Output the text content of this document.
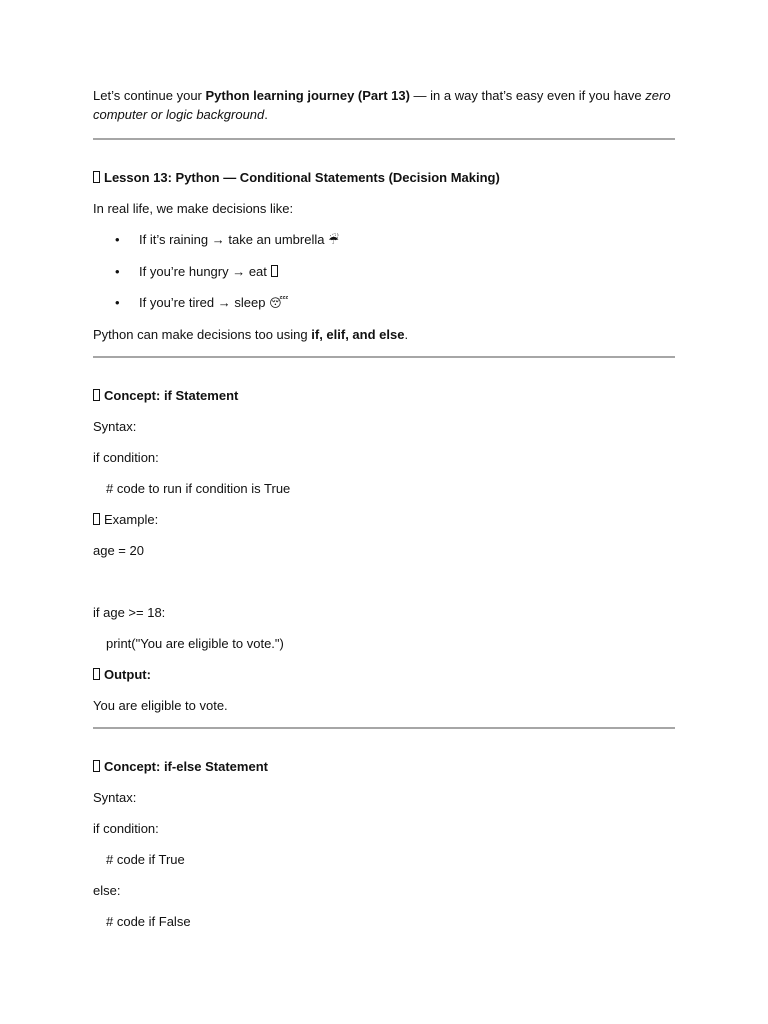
Let’s continue your Python learning journey (Part 13) — in a way that’s easy even if you have zero computer or logic background.

Lesson 13: Python — Conditional Statements (Decision Making)

In real life, we make decisions like:

• If it’s raining → take an umbrella ☔
• If you’re hungry → eat
• If you’re tired → sleep 😴

Python can make decisions too using if, elif, and else.

Concept: if Statement

Syntax:

if condition:

# code to run if condition is True

Example:

age = 20

if age >= 18:

print("You are eligible to vote.")

Output:

You are eligible to vote.

Concept: if-else Statement

Syntax:

if condition:

# code if True

else:

# code if False
